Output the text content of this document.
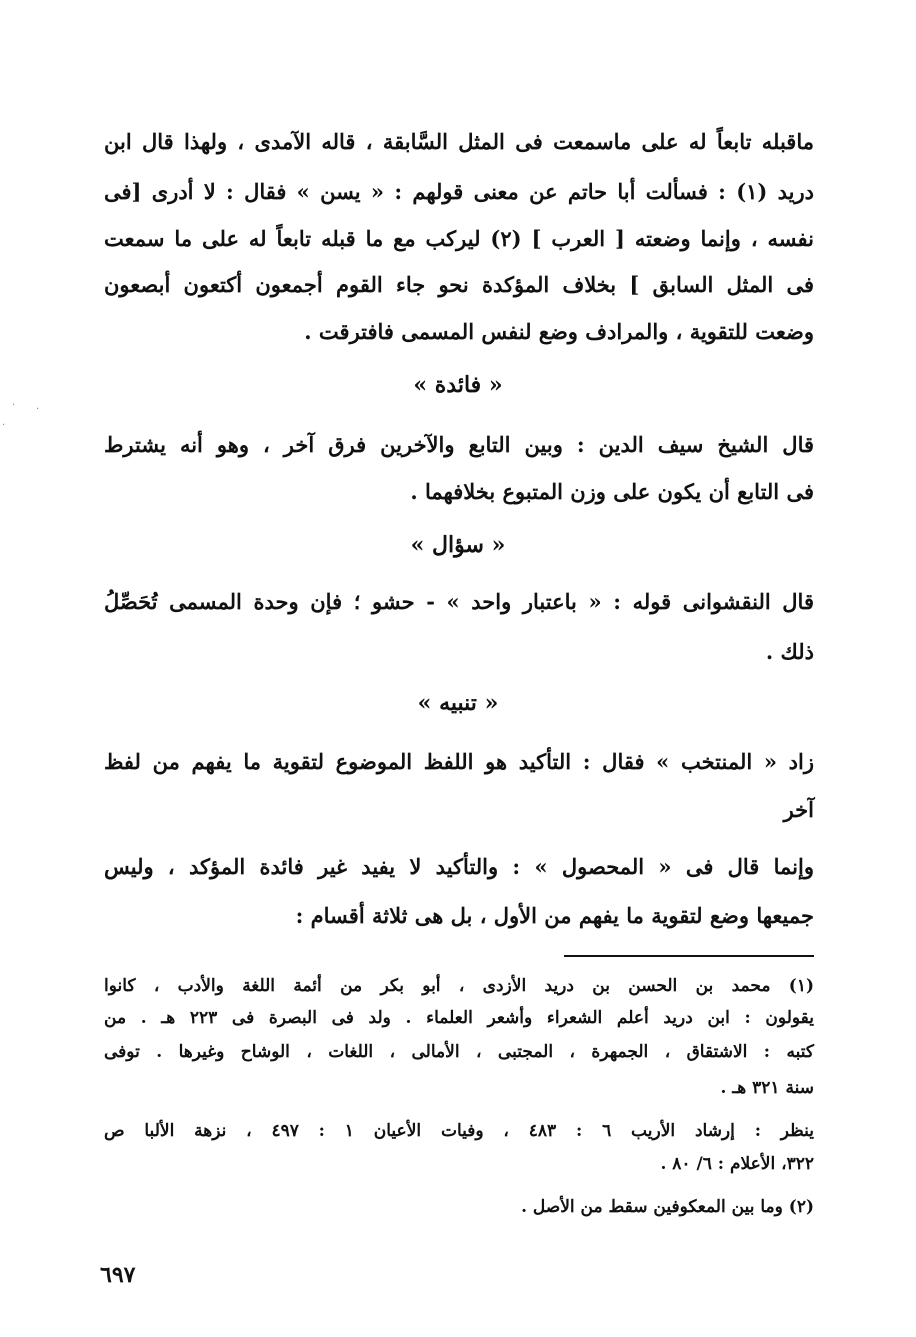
ماقبله تابعاً له على ماسمعت فى المثل السَّابقة ، قاله الآمدى ، ولهذا قال ابن
دريد (١) : فسألت أبا حاتم عن معنى قولهم : « يسن » فقال : لا أدرى [فى
نفسه ، وإنما وضعته [ العرب ] (٢) ليركب مع ما قبله تابعاً له على ما سمعت
فى المثل السابق ] بخلاف المؤكدة نحو جاء القوم أجمعون أكتعون أبصعون
وضعت للتقوية ، والمرادف وضع لنفس المسمى فافترقت .
« فائدة »
قال الشيخ سيف الدين : وبين التابع والآخرين فرق آخر ، وهو أنه يشترط
فى التابع أن يكون على وزن المتبوع بخلافهما .
« سؤال »
قال النقشوانى قوله : « باعتبار واحد » - حشو ؛ فإن وحدة المسمى تُحَصِّلُ
ذلك .
« تنبيه »
زاد « المنتخب » فقال : التأكيد هو اللفظ الموضوع لتقوية ما يفهم من لفظ
آخر
وإنما قال فى « المحصول » : والتأكيد لا يفيد غير فائدة المؤكد ، وليس
جميعها وضع لتقوية ما يفهم من الأول ، بل هى ثلاثة أقسام :
(١) محمد بن الحسن بن دريد الأزدى ، أبو بكر من أئمة اللغة والأدب ، كانوا
يقولون : ابن دريد أعلم الشعراء وأشعر العلماء . ولد فى البصرة فى ٢٢٣ هـ . من
كتبه : الاشتقاق ، الجمهرة ، المجتبى ، الأمالى ، اللغات ، الوشاح وغيرها . توفى
سنة ٣٢١ هـ .
ينظر : إرشاد الأريب ٦ : ٤٨٣ ، وفيات الأعيان ١ : ٤٩٧ ، نزهة الألبا ص
٣٢٢، الأعلام : ٦/ ٨٠ .
(٢) وما بين المعكوفين سقط من الأصل .
٦٩٧
· ·
·
